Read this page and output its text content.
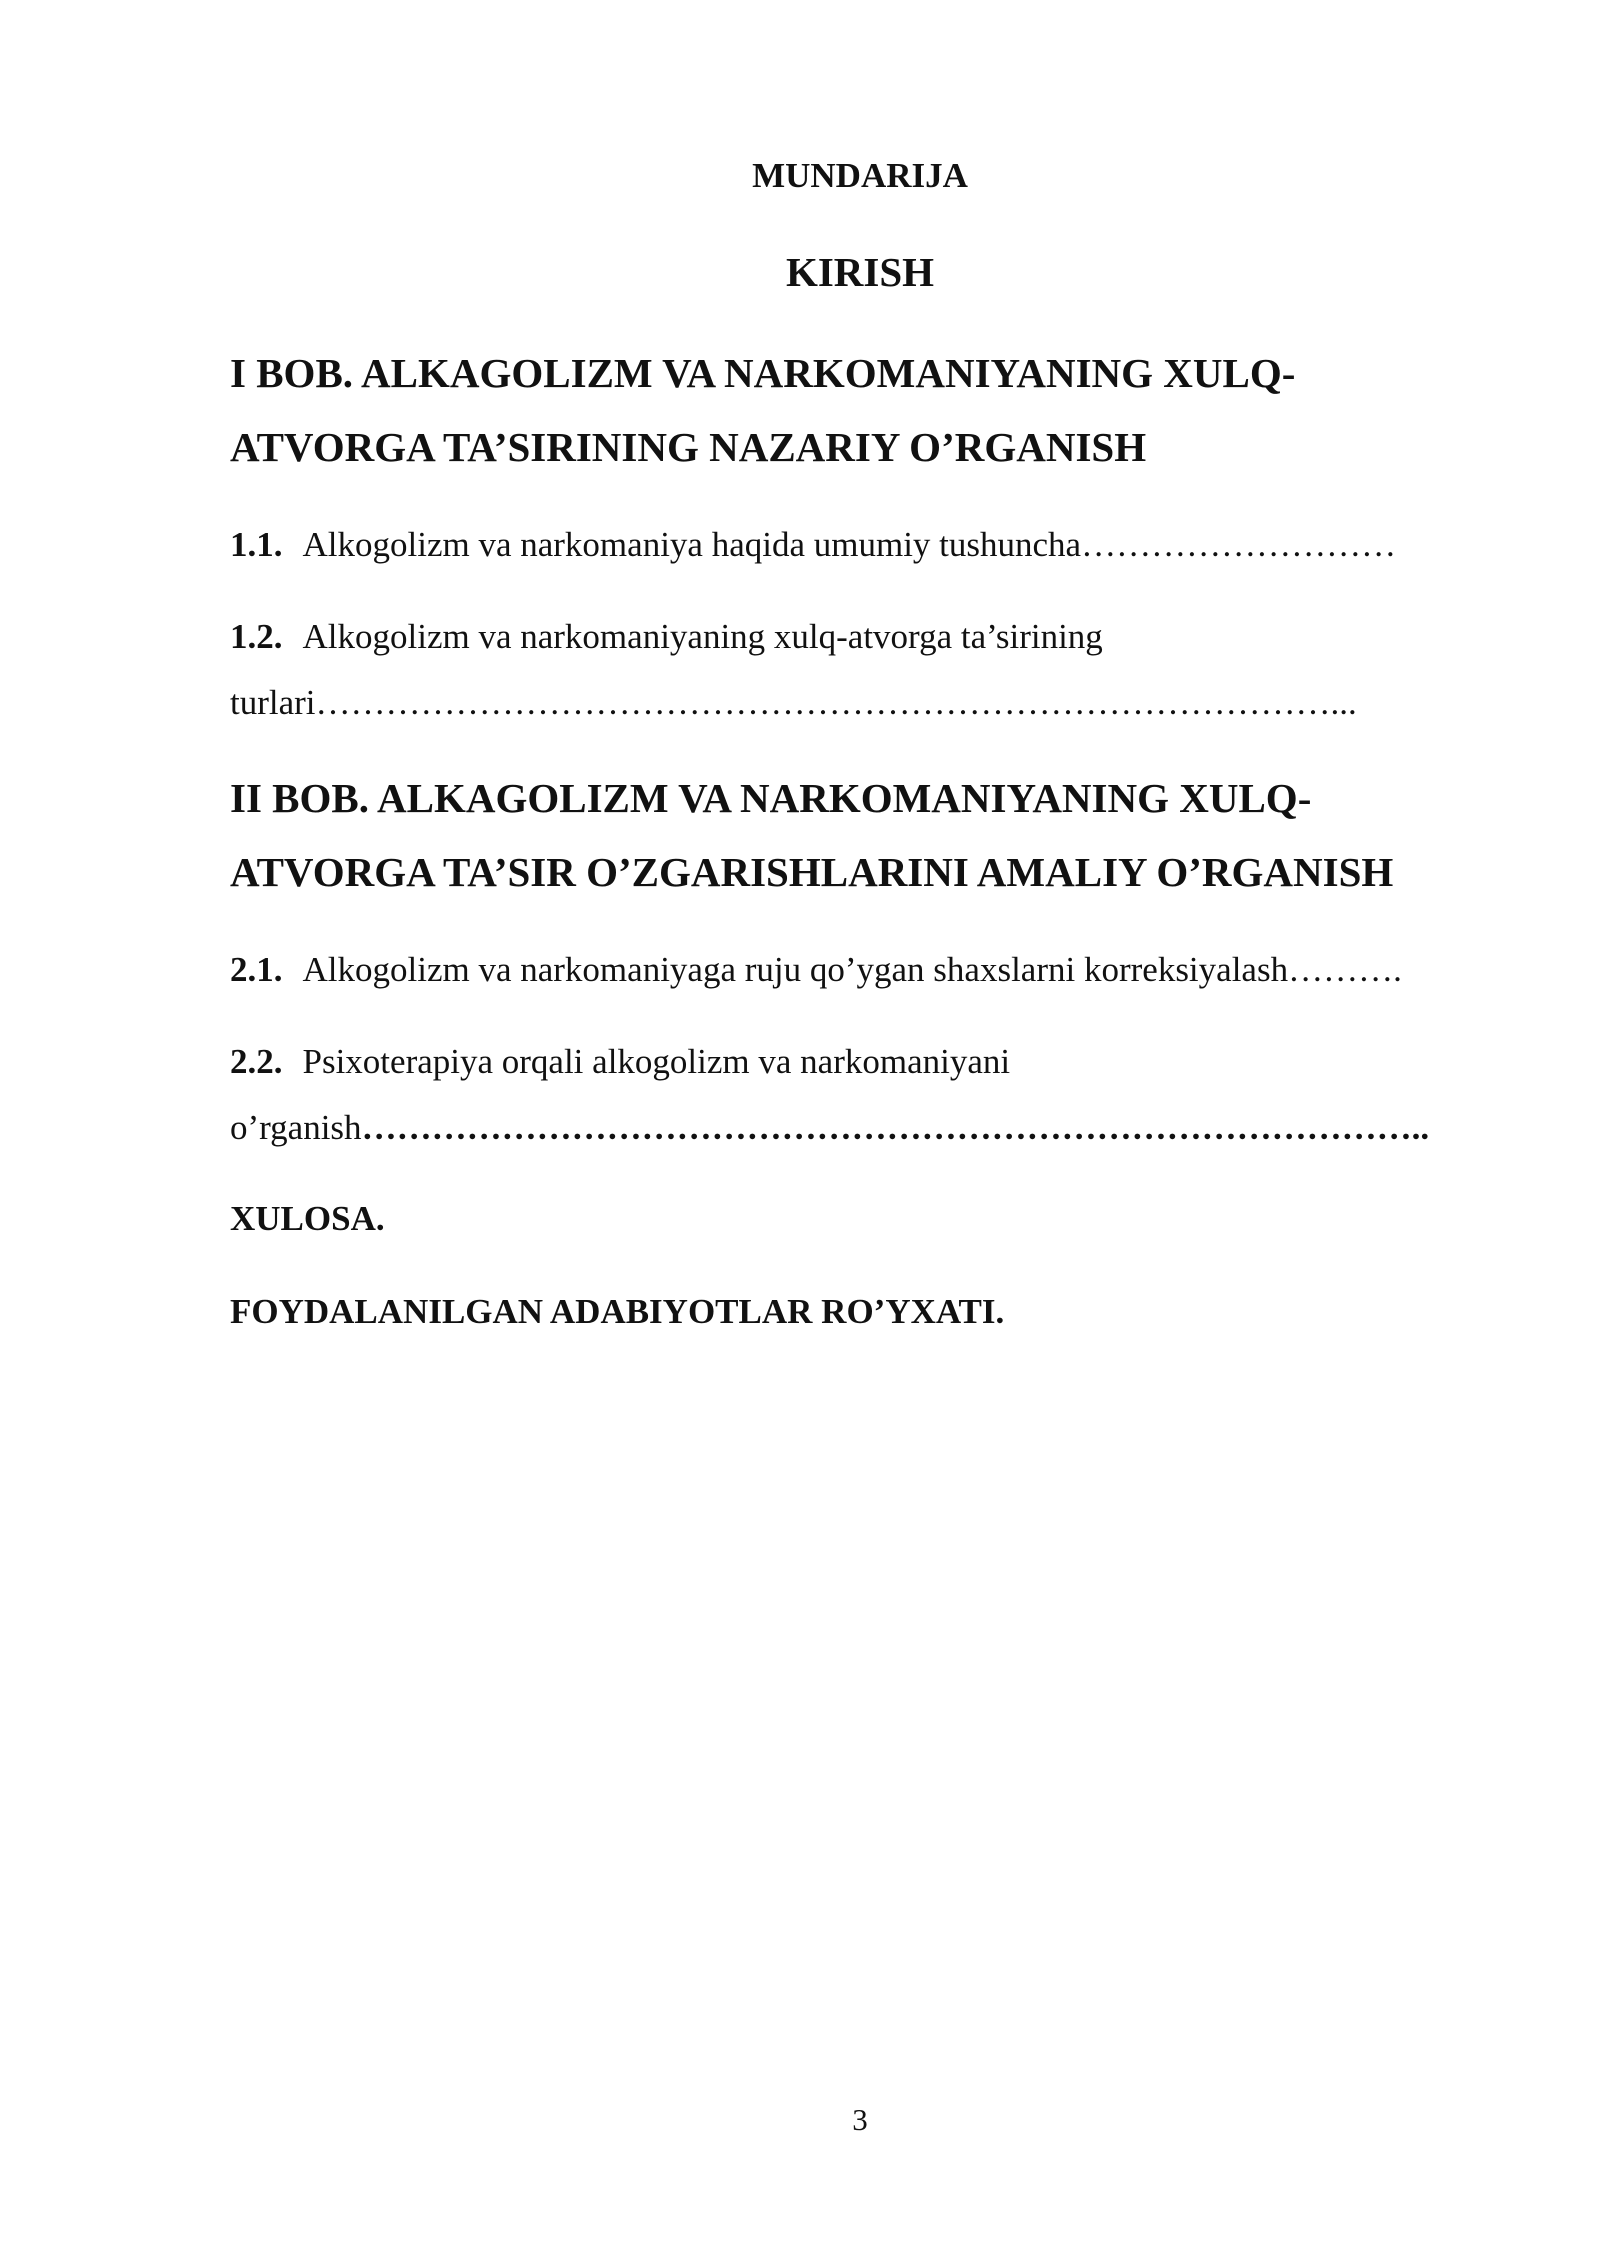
MUNDARIJA
KIRISH
I BOB. ALKAGOLIZM VA NARKOMANIYANING XULQ-
ATVORGA TA’SIRINING NAZARIY O’RGANISH
1.1. Alkogolizm va narkomaniya haqida umumiy tushuncha………………………
1.2. Alkogolizm va narkomaniyaning xulq-atvorga ta’sirining
turlari……………………………………………………………………………...
II BOB. ALKAGOLIZM VA NARKOMANIYANING XULQ-
ATVORGA TA’SIR O’ZGARISHLARINI AMALIY O’RGANISH
2.1. Alkogolizm va narkomaniyaga ruju qo’ygan shaxslarni korreksiyalash……….
2.2. Psixoterapiya orqali alkogolizm va narkomaniyani
o’rganish………………………………………………………………………………..

XULOSA.

FOYDALANILGAN ADABIYOTLAR RO’YXATI.

3
